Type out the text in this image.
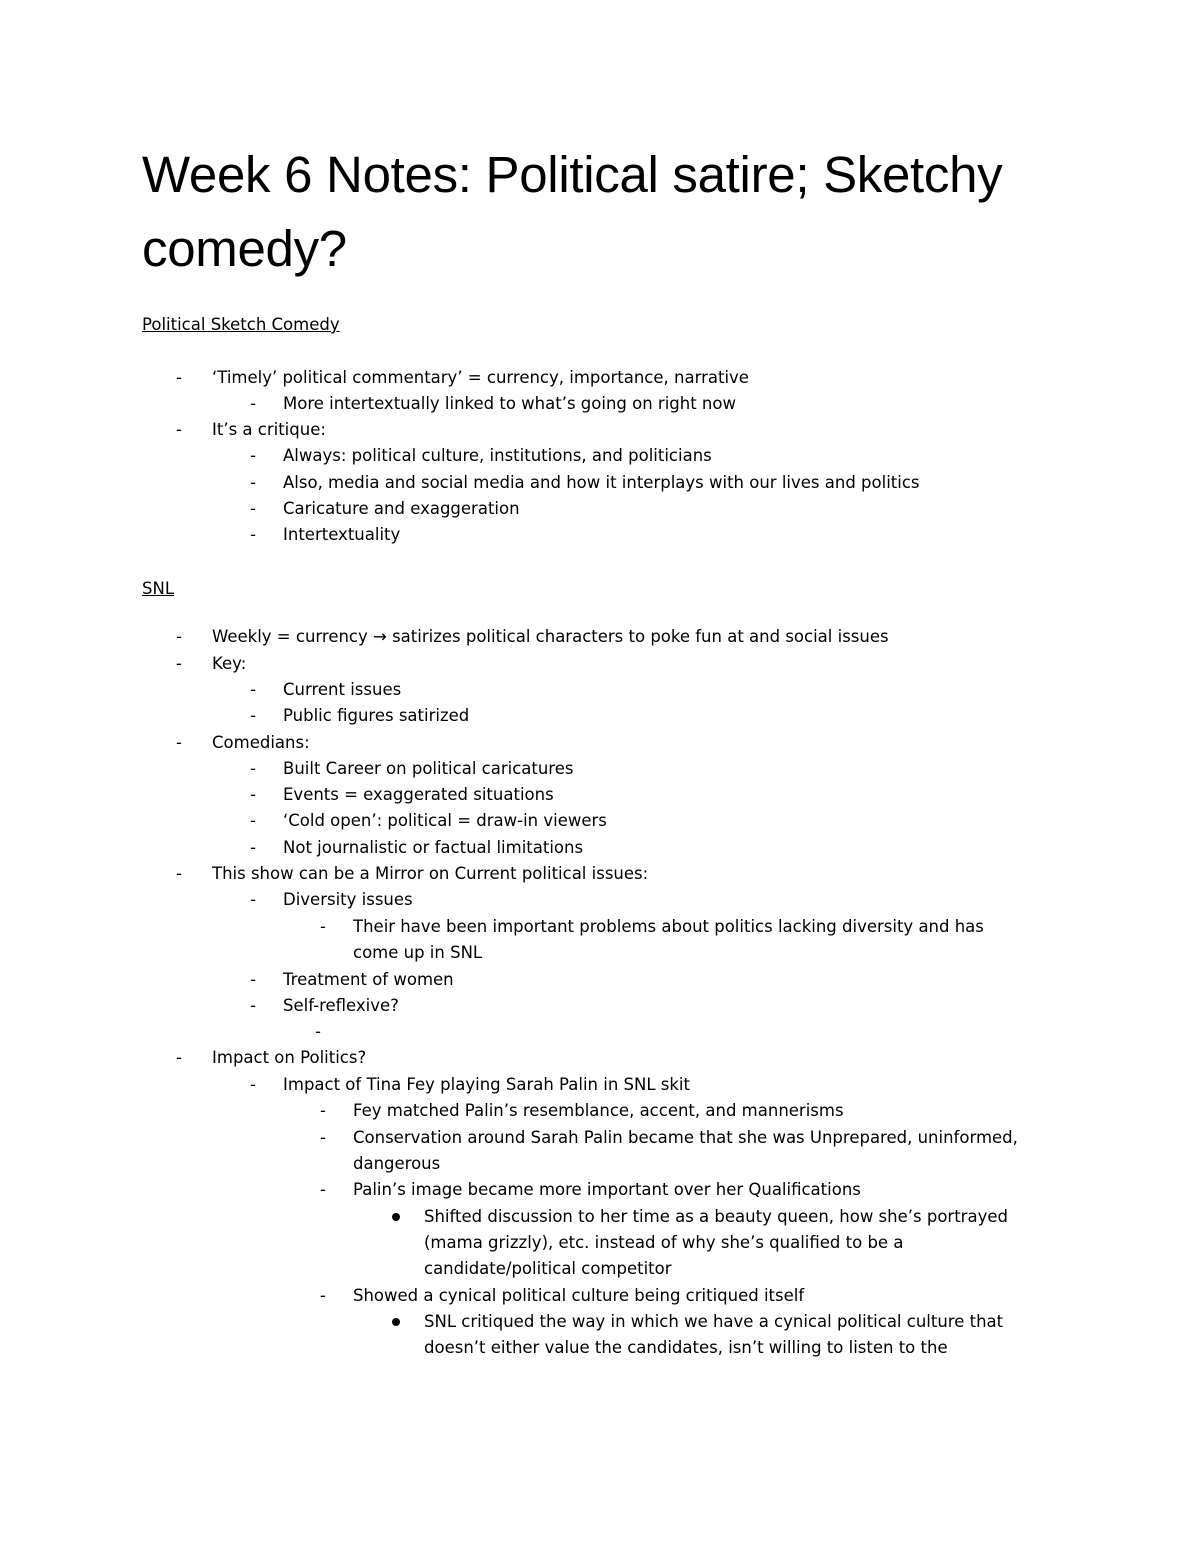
Week 6 Notes: Political satire; Sketchy
comedy?
Political Sketch Comedy
- ‘Timely’ political commentary’ = currency, importance, narrative
- More intertextually linked to what’s going on right now
- It’s a critique:
- Always: political culture, institutions, and politicians
- Also, media and social media and how it interplays with our lives and politics
- Caricature and exaggeration
- Intertextuality
SNL
- Weekly = currency → satirizes political characters to poke fun at and social issues
- Key:
- Current issues
- Public figures satirized
- Comedians:
- Built Career on political caricatures
- Events = exaggerated situations
- ‘Cold open’: political = draw-in viewers
- Not journalistic or factual limitations
- This show can be a Mirror on Current political issues:
- Diversity issues
- Their have been important problems about politics lacking diversity and has
come up in SNL
- Treatment of women
- Self-reflexive?
-
- Impact on Politics?
- Impact of Tina Fey playing Sarah Palin in SNL skit
- Fey matched Palin’s resemblance, accent, and mannerisms
- Conservation around Sarah Palin became that she was Unprepared, uninformed,
dangerous
- Palin’s image became more important over her Qualifications
Shifted discussion to her time as a beauty queen, how she’s portrayed
(mama grizzly), etc. instead of why she’s qualified to be a
candidate/political competitor
- Showed a cynical political culture being critiqued itself
SNL critiqued the way in which we have a cynical political culture that
doesn’t either value the candidates, isn’t willing to listen to the
